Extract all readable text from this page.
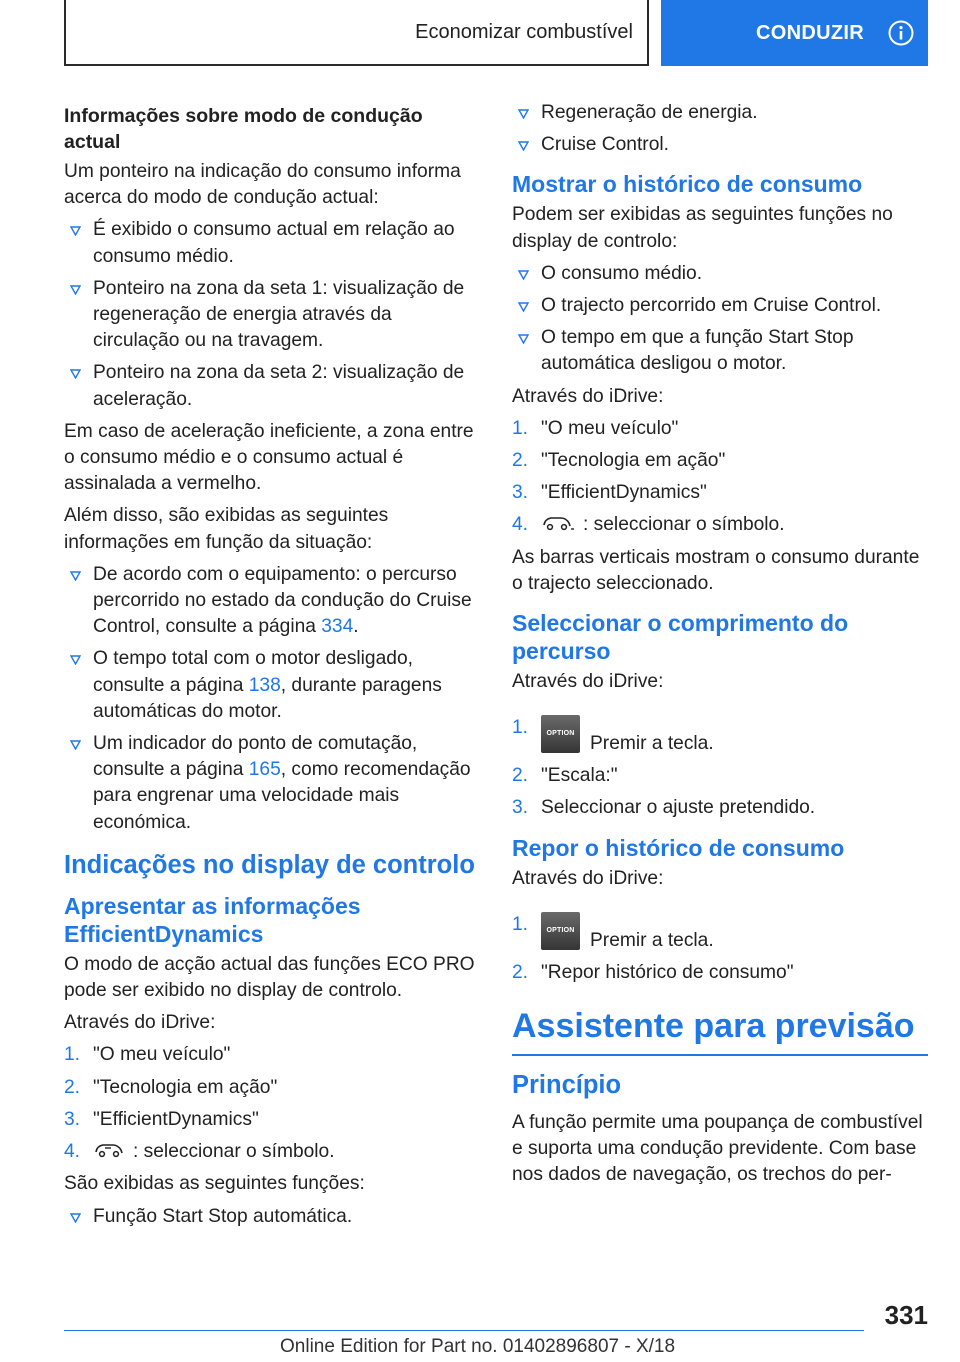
Economizar combustível	CONDUZIR
Informações sobre modo de condução actual

Um ponteiro na indicação do consumo informa acerca do modo de condução actual:

É exibido o consumo actual em relação ao consumo médio.
Ponteiro na zona da seta 1: visualização de regeneração de energia através da circulação ou na travagem.
Ponteiro na zona da seta 2: visualização de aceleração.

Em caso de aceleração ineficiente, a zona entre o consumo médio e o consumo actual é assinalada a vermelho.

Além disso, são exibidas as seguintes informações em função da situação:

De acordo com o equipamento: o percurso percorrido no estado da condução do Cruise Control, consulte a página 334.
O tempo total com o motor desligado, consulte a página 138, durante paragens automáticas do motor.
Um indicador do ponto de comutação, consulte a página 165, como recomendação para engrenar uma velocidade mais económica.
Indicações no display de controlo
Apresentar as informações EfficientDynamics

O modo de acção actual das funções ECO PRO pode ser exibido no display de controlo.

Através do iDrive:

1. "O meu veículo"
2. "Tecnologia em ação"
3. "EfficientDynamics"
4.	: seleccionar o símbolo.

São exibidas as seguintes funções:

Função Start Stop automática.
Regeneração de energia.
Cruise Control.
Mostrar o histórico de consumo

Podem ser exibidas as seguintes funções no display de controlo:

O consumo médio.
O trajecto percorrido em Cruise Control.
O tempo em que a função Start Stop automática desligou o motor.

Através do iDrive:

1. "O meu veículo"
2. "Tecnologia em ação"
3. "EfficientDynamics"
4.	: seleccionar o símbolo.

As barras verticais mostram o consumo durante o trajecto seleccionado.

Seleccionar o comprimento do percurso

Através do iDrive:

1.	OPTION Premir a tecla.
2. "Escala:"
3. Seleccionar o ajuste pretendido.
Repor o histórico de consumo

Através do iDrive:

1.	OPTION Premir a tecla.
2. "Repor histórico de consumo"
Assistente para previsão
Princípio

A função permite uma poupança de combustível e suporta uma condução previdente. Com base nos dados de navegação, os trechos do per-

331
Online Edition for Part no. 01402896807 - X/18
